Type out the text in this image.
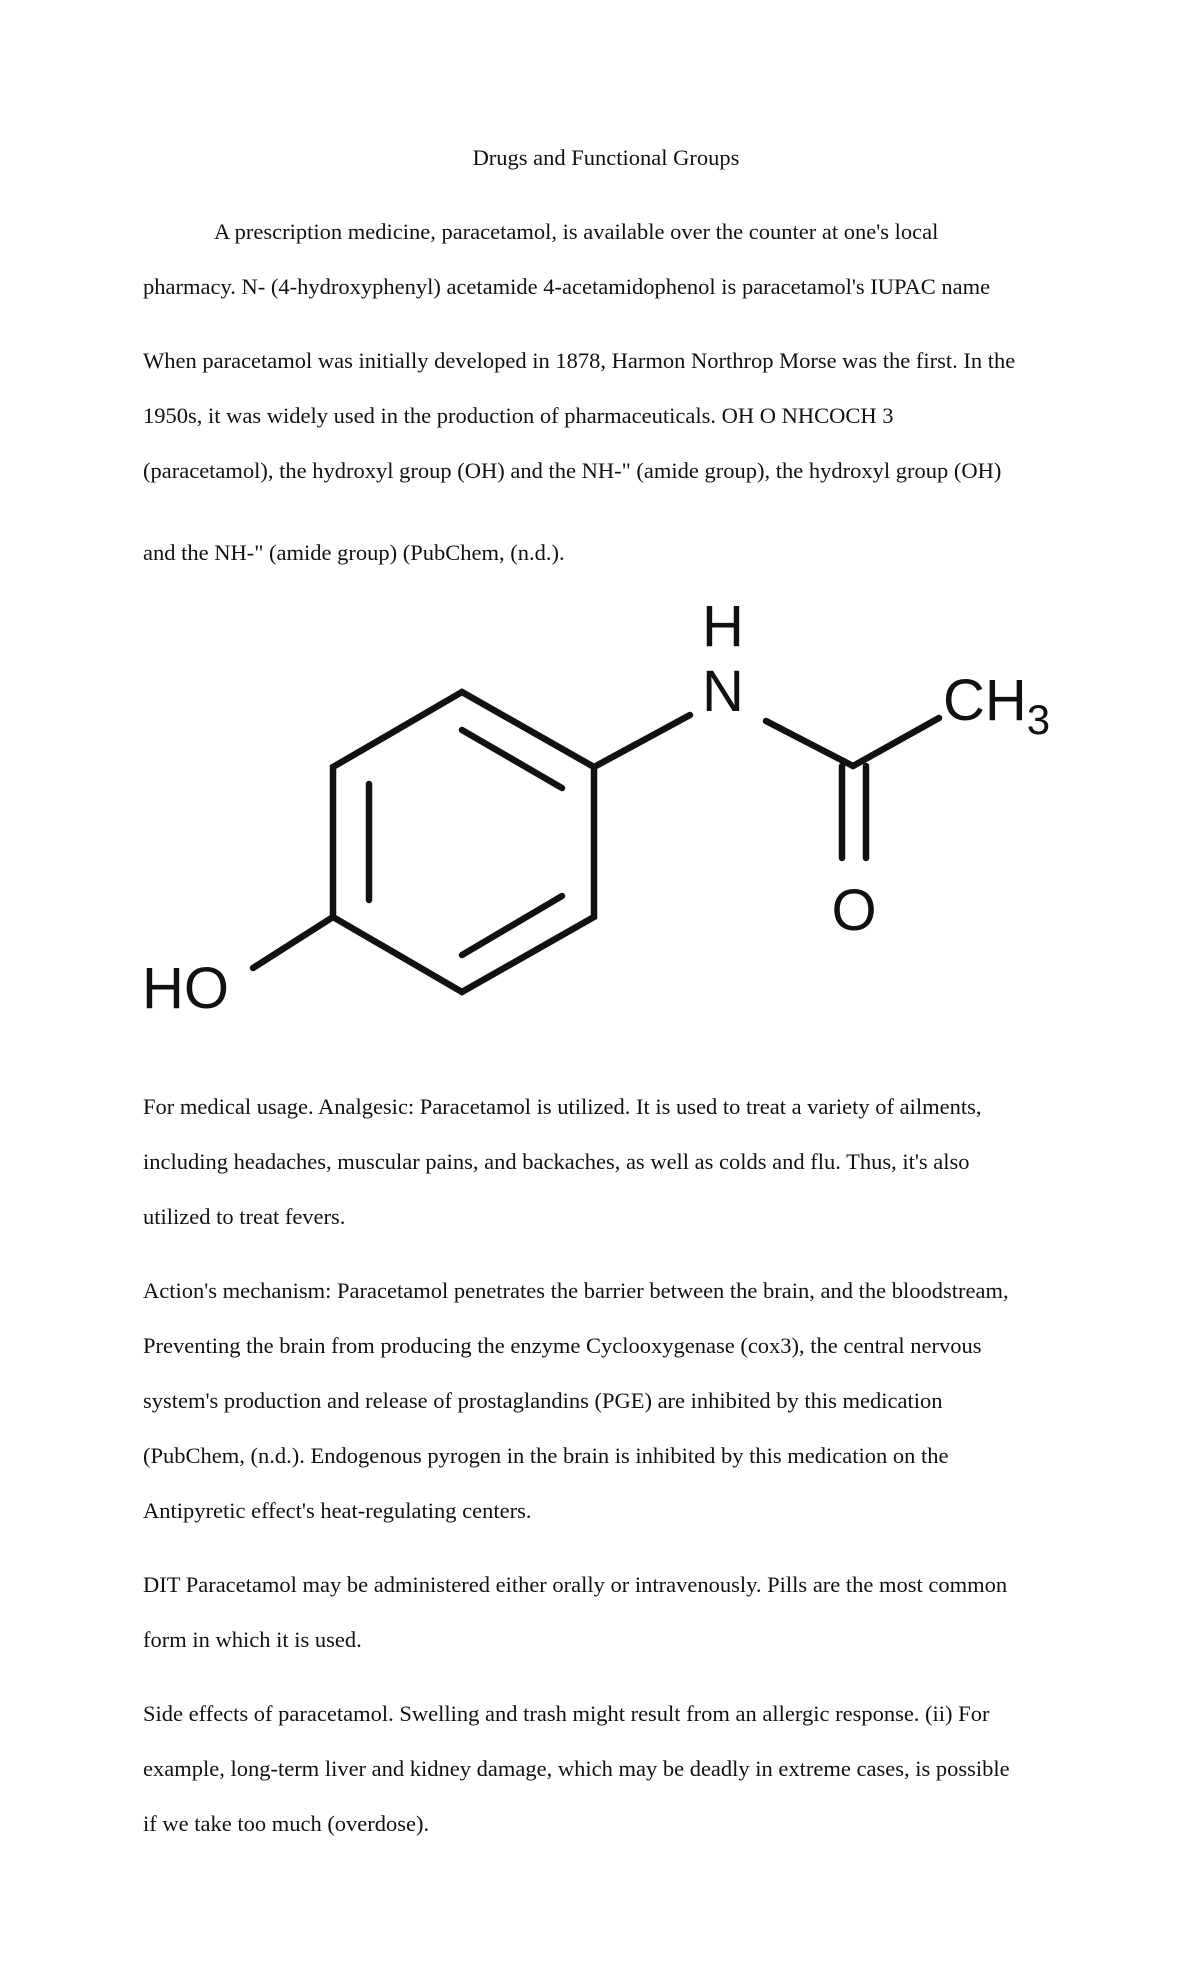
Drugs and Functional Groups
A prescription medicine, paracetamol, is available over the counter at one's local
pharmacy. N- (4-hydroxyphenyl) acetamide 4-acetamidophenol is paracetamol's IUPAC name
When paracetamol was initially developed in 1878, Harmon Northrop Morse was the first. In the
1950s, it was widely used in the production of pharmaceuticals. OH O NHCOCH 3
(paracetamol), the hydroxyl group (OH) and the NH-" (amide group), the hydroxyl group (OH)
and the NH-" (amide group) (PubChem, (n.d.).
H
N	$CH_3$
O
HO
For medical usage. Analgesic: Paracetamol is utilized. It is used to treat a variety of ailments,
including headaches, muscular pains, and backaches, as well as colds and flu. Thus, it's also
utilized to treat fevers.
Action's mechanism: Paracetamol penetrates the barrier between the brain, and the bloodstream,
Preventing the brain from producing the enzyme Cyclooxygenase (cox3), the central nervous
system's production and release of prostaglandins (PGE) are inhibited by this medication
(PubChem, (n.d.). Endogenous pyrogen in the brain is inhibited by this medication on the
Antipyretic effect's heat-regulating centers.
DIT Paracetamol may be administered either orally or intravenously. Pills are the most common
form in which it is used.
Side effects of paracetamol. Swelling and trash might result from an allergic response. (ii) For
example, long-term liver and kidney damage, which may be deadly in extreme cases, is possible
if we take too much (overdose).
